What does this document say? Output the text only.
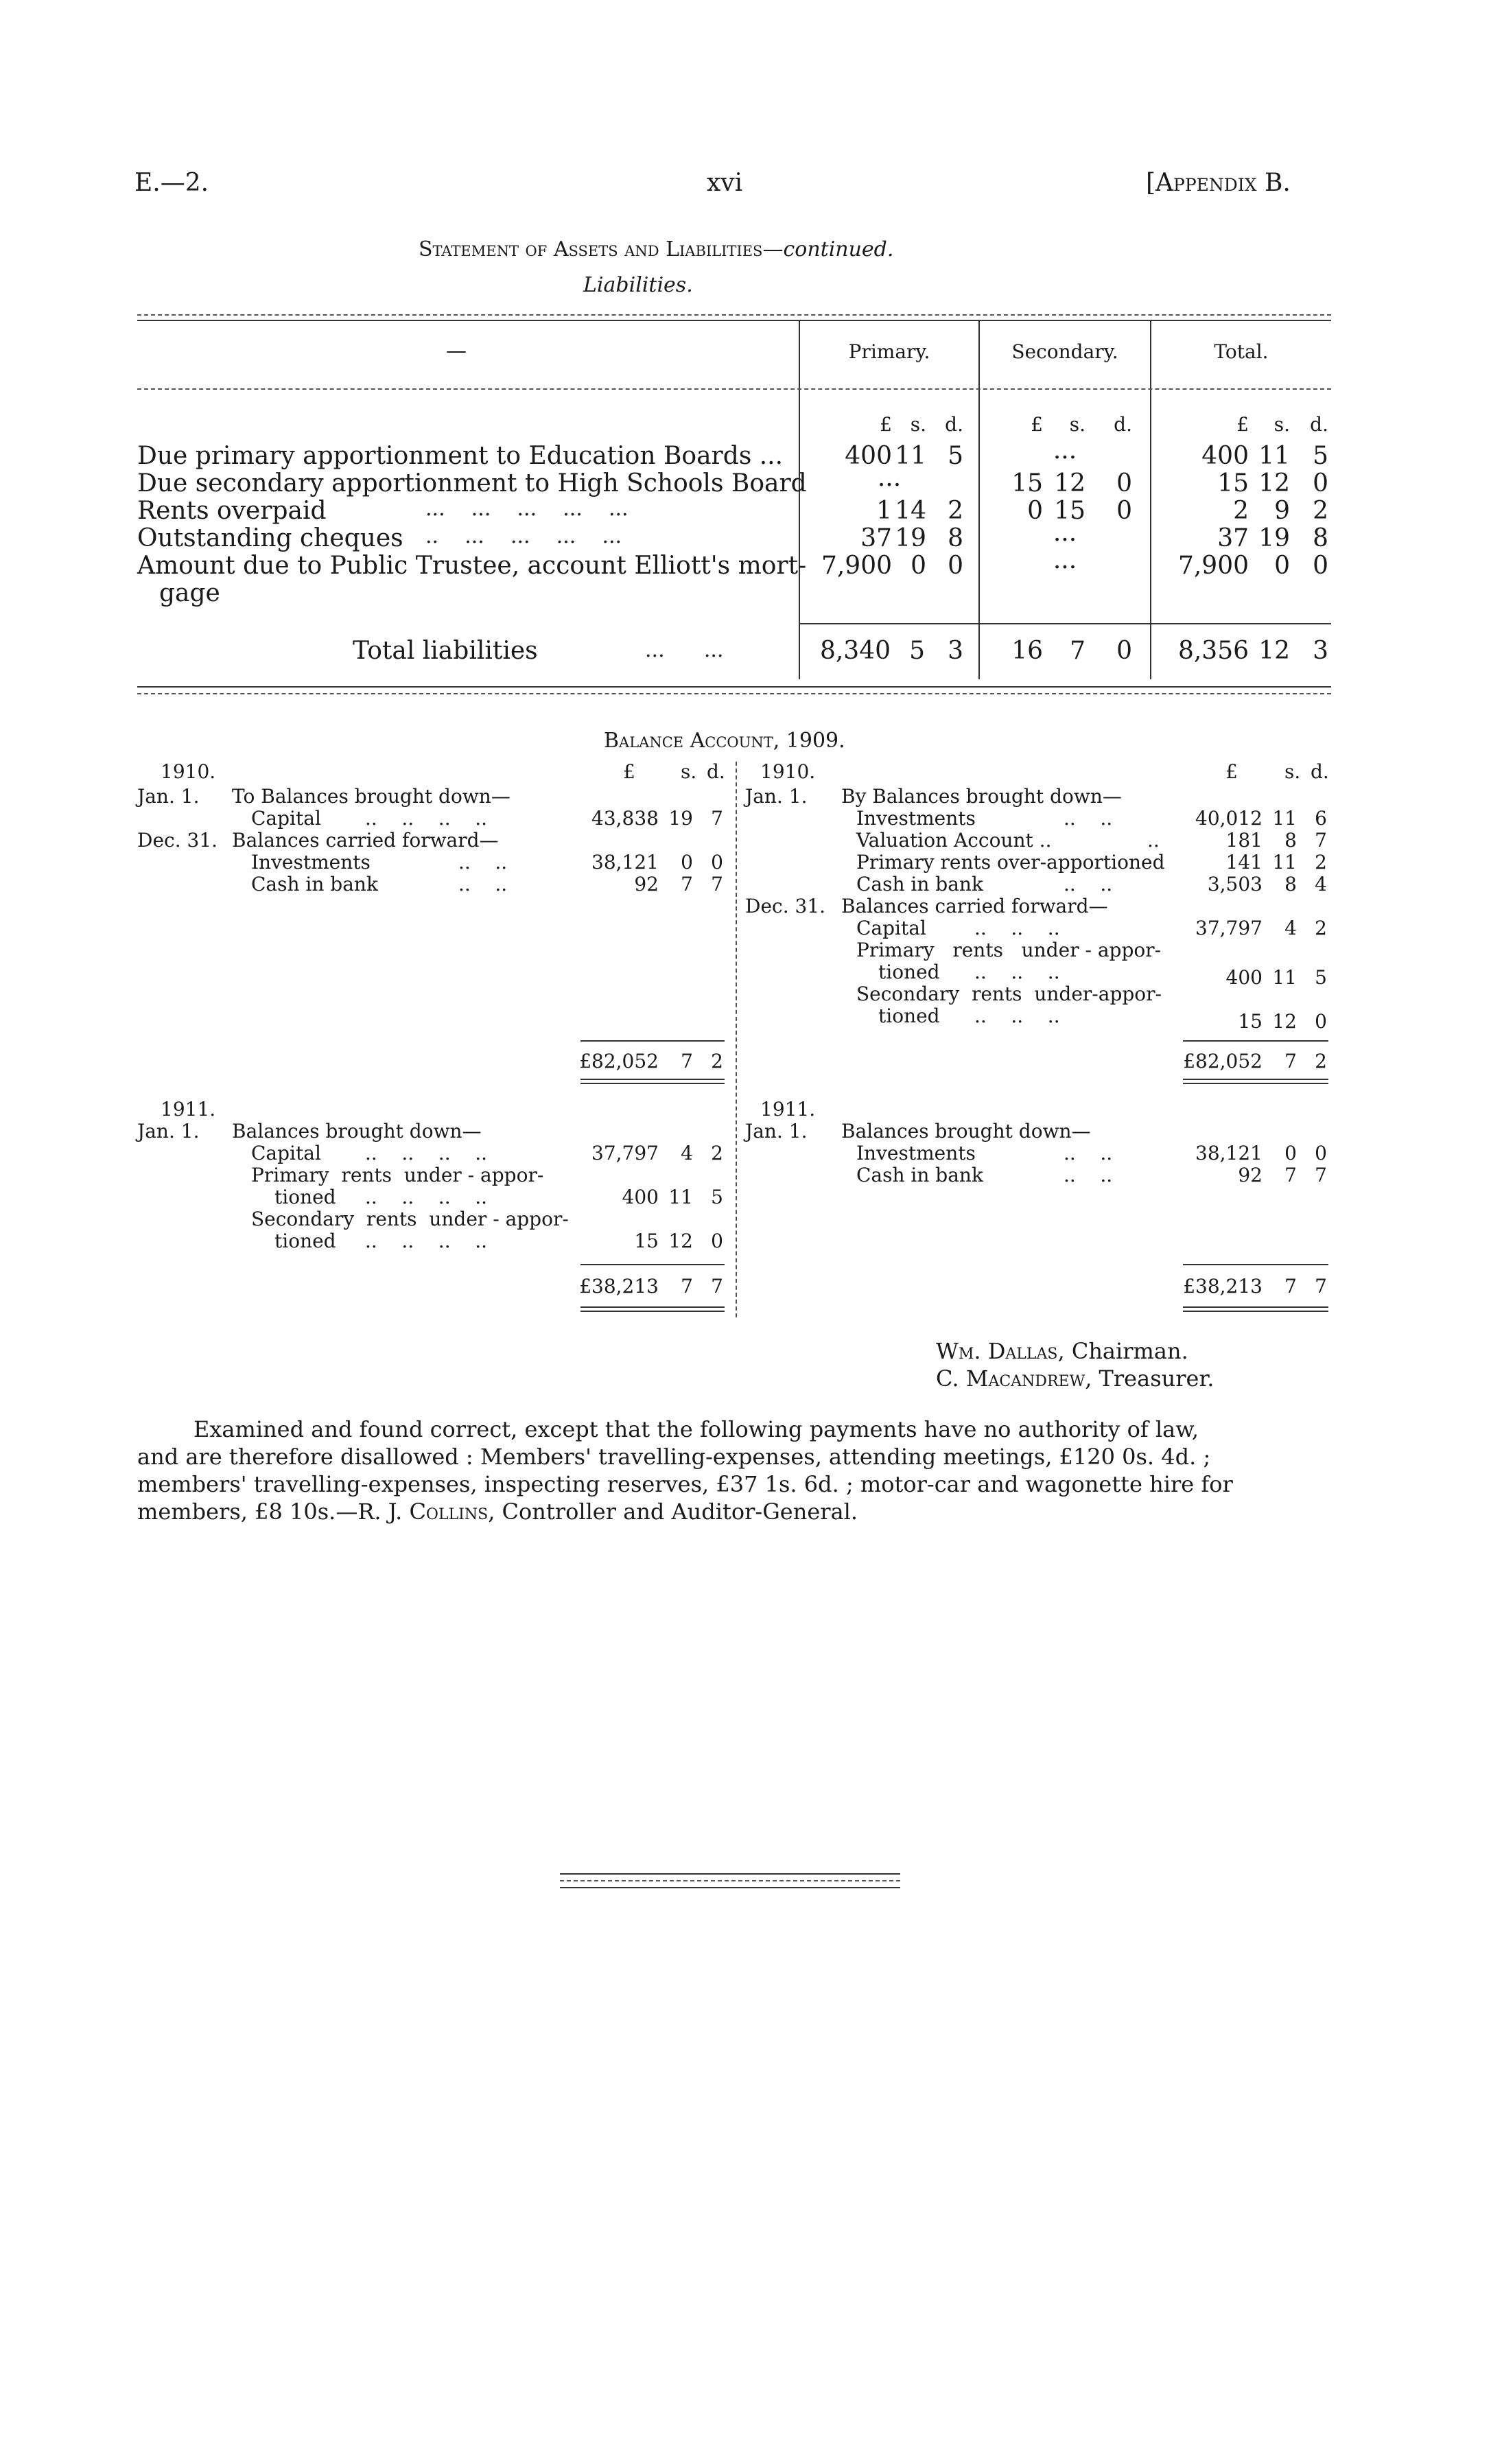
E.—2.	xvi	[Appendix B.
Statement of Assets and Liabilities—continued.
Liabilities.
—	Primary.	Secondary.	Total.
£ s. d.	£	s.	d.	£	s.	d.
Due primary apportionment to Education Boards ...	400 11 5	...	400 11 5
Due secondary apportionment to High Schools Board	...	15 12	0	15 12 0
Rents overpaid	...    ...    ...    ...    ...	1 14 2	0 15	0	2	9 2
Outstanding cheques ..    ...    ...    ...    ...	37 19 8	...	37 19 8
Amount due to Public Trustee, account Elliott's mort-
gage
7,900 0 0	...	7,900	0 0
Total liabilities	...      ...	8,340 5 3	16	7	0	8,356 12 3
Balance Account, 1909.
1910.	£ s. d.
Jan. 1. To Balances brought down—
Capital ..    ..    ..    ..	43,838 19 7
Dec. 31. Balances carried forward—
Investments	..    ..	38,121	0 0
Cash in bank	..    ..	92	7 7
£82,052	7 2
1911.
Jan. 1. Balances brought down—
Capital ..    ..    ..    ..	37,797	4 2
Primary  rents  under - appor-
tioned ..    ..    ..    ..	400 11 5
Secondary  rents  under - appor-
tioned ..    ..    ..    ..	15 12 0
£38,213	7 7
1910.	£ s. d.
Jan. 1. By Balances brought down—
Investments	..    ..	40,012 11 6
Valuation Account ..	..	181	8 7
Primary rents over-apportioned	141 11 2
Cash in bank	..    ..	3,503	8 4
Dec. 31. Balances carried forward—
Capital	..    ..    ..	37,797	4 2
Primary   rents   under - appor-
tioned ..    ..    ..	400 11 5
Secondary  rents  under-appor-
tioned ..    ..    ..	15 12 0
£82,052	7 2
1911.
Jan. 1. Balances brought down—
Investments	..    ..	38,121	0 0
Cash in bank	..    ..	92	7 7
£38,213	7 7
Wm. Dallas, Chairman.
C. Macandrew, Treasurer.
Examined and found correct, except that the following payments have no authority of law,
and are therefore disallowed : Members' travelling-expenses, attending meetings, £120 0s. 4d. ;
members' travelling-expenses, inspecting reserves, £37 1s. 6d. ; motor-car and wagonette hire for
members, £8 10s.—R. J. Collins, Controller and Auditor-General.
